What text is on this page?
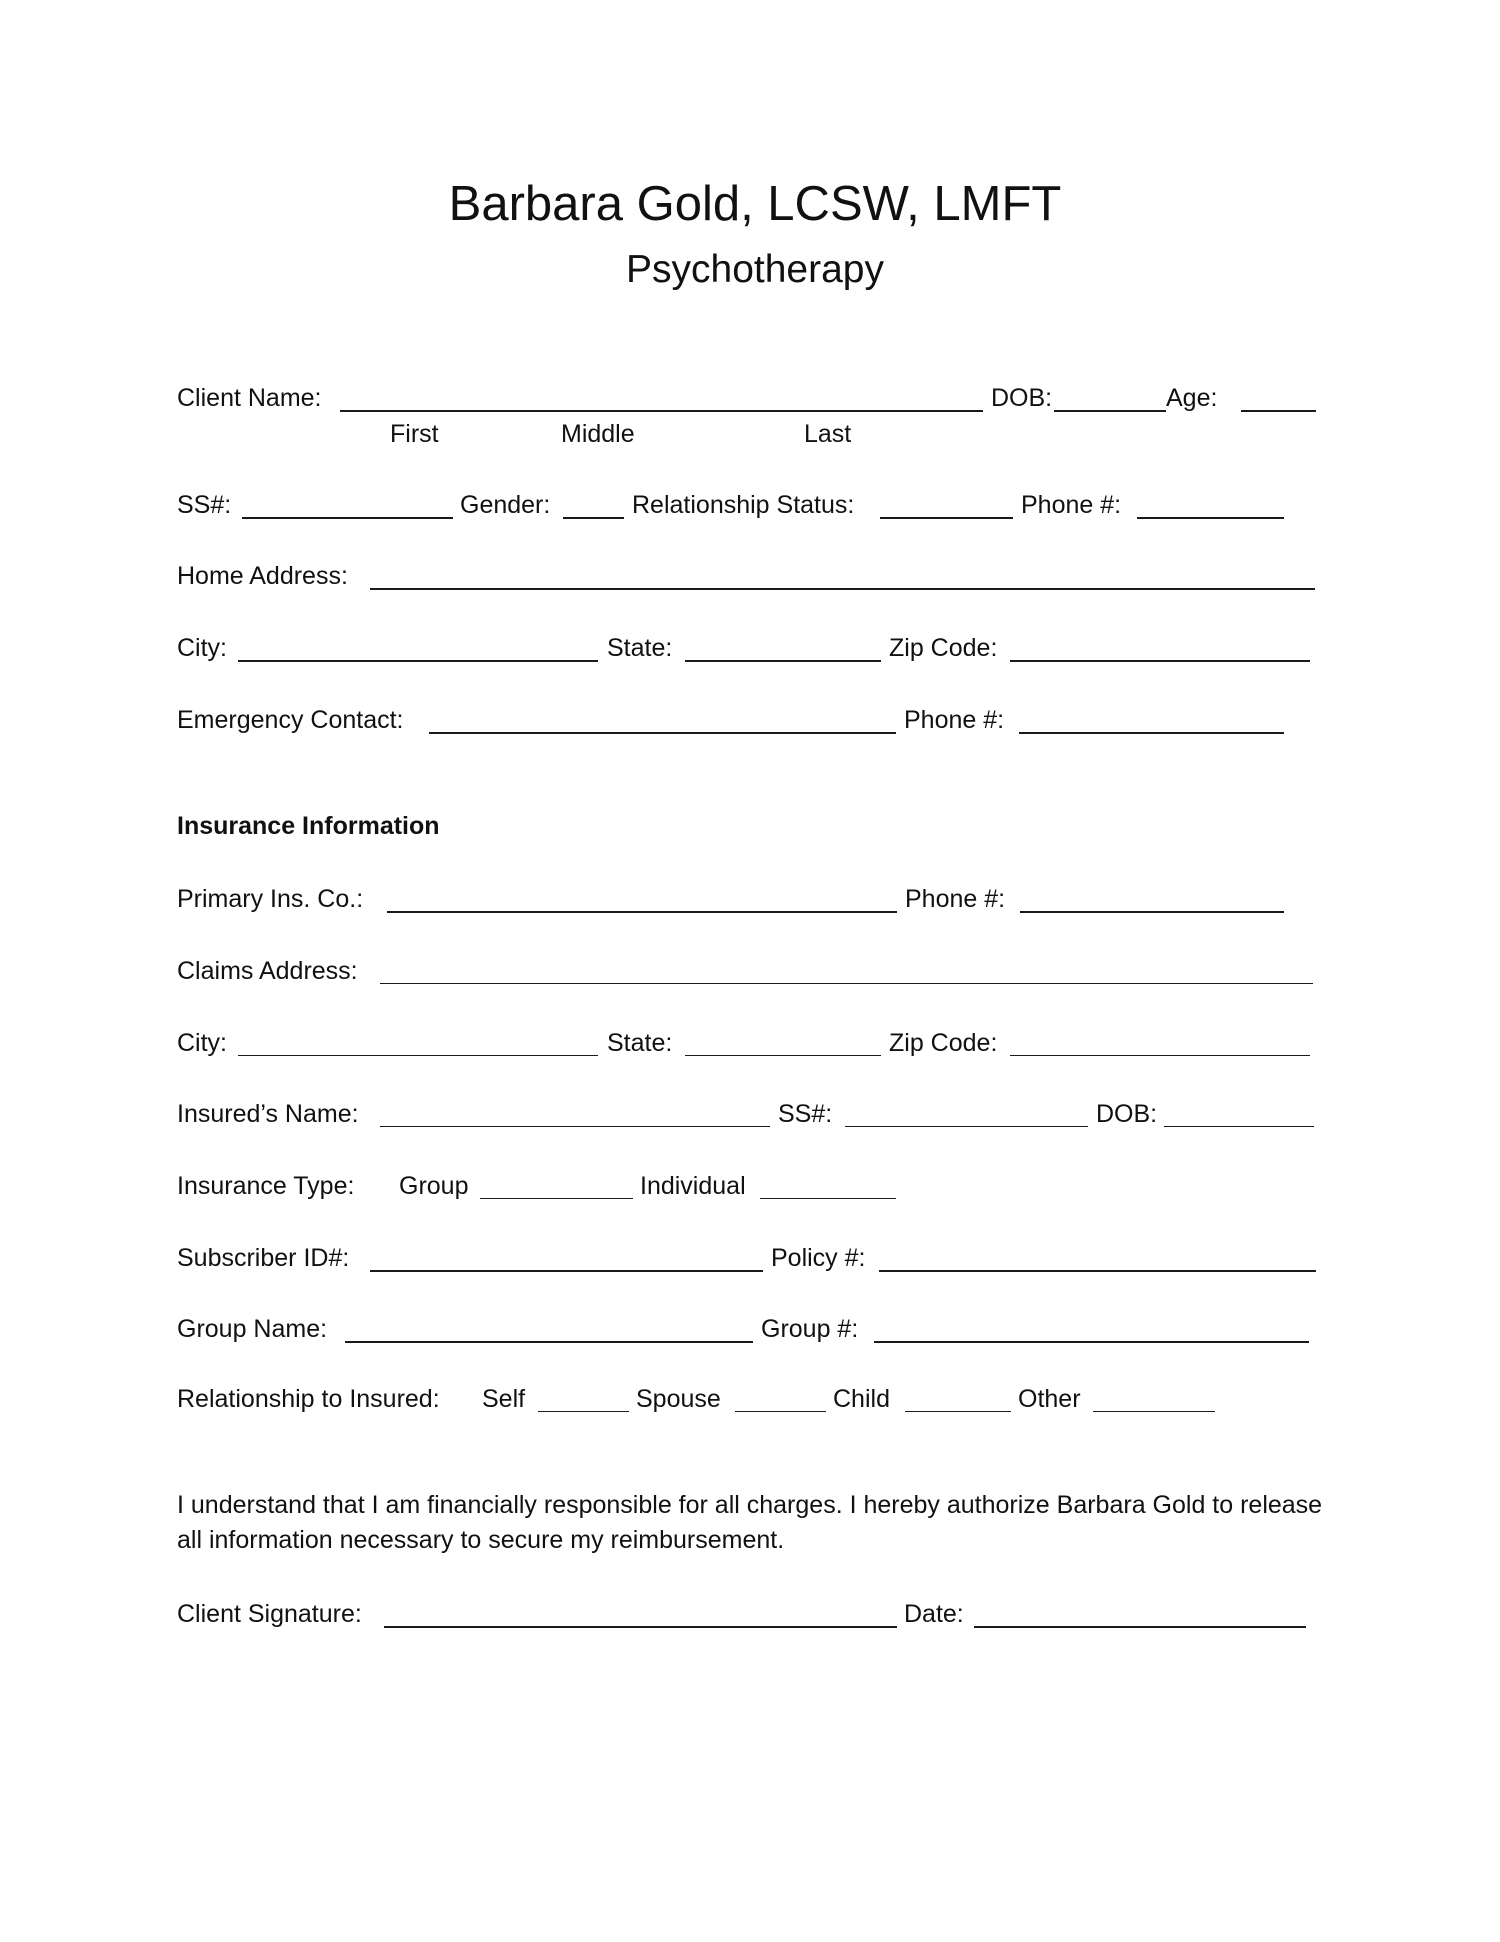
Barbara Gold, LCSW, LMFT
Psychotherapy
Client Name:	DOB:	Age:
First	Middle	Last
SS#:	Gender:	Relationship Status:	Phone #:
Home Address:
City:	State:	Zip Code:
Emergency Contact:	Phone #:
Insurance Information
Primary Ins. Co.:	Phone #:
Claims Address:
City:	State:	Zip Code:
Insured’s Name:	SS#:	DOB:
Insurance Type: Group	Individual
Subscriber ID#:	Policy #:
Group Name:	Group #:
Relationship to Insured: Self	Spouse	Child	Other

I understand that I am financially responsible for all charges. I hereby authorize Barbara Gold to release all information necessary to secure my reimbursement.

Client Signature:	Date:
